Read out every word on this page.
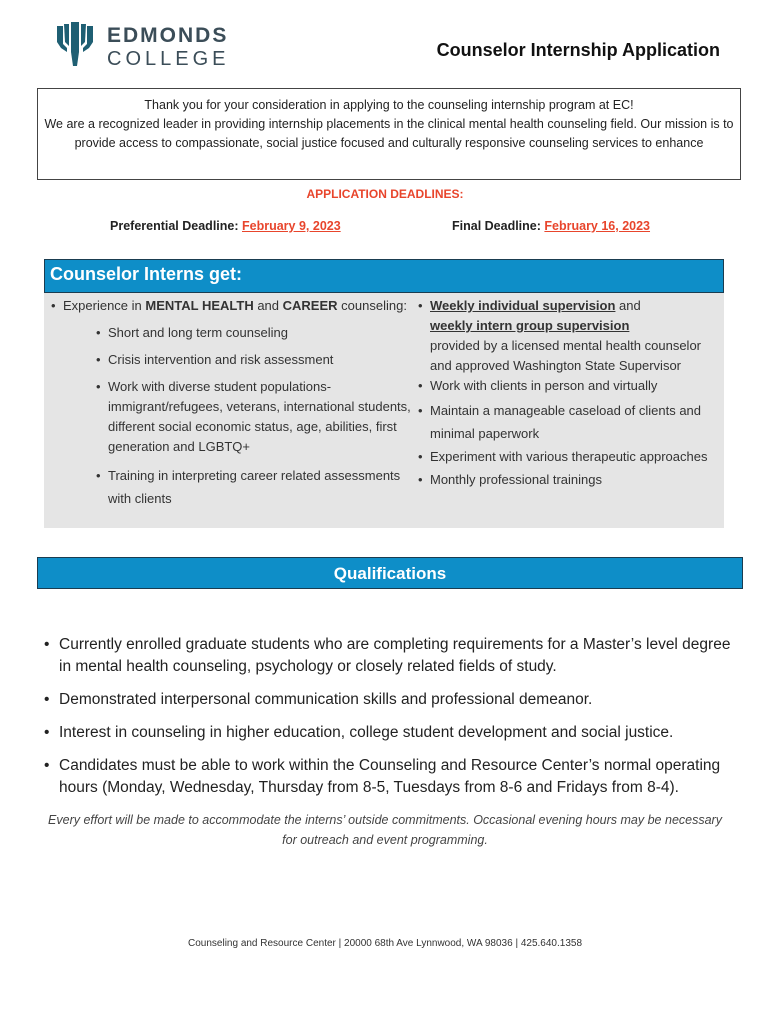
EDMONDS
COLLEGE	Counselor Internship Application

Thank you for your consideration in applying to the counseling internship program at EC!

We are a recognized leader in providing internship placements in the clinical mental health counseling field. Our mission is to provide access to compassionate, social justice focused and culturally responsive counseling services to enhance

APPLICATION DEADLINES:
Preferential Deadline: February 9, 2023	Final Deadline: February 16, 2023
Counselor Interns get:
• Experience in MENTAL HEALTH and CAREER counseling:
• Short and long term counseling
• Crisis intervention and risk assessment
• Work with diverse student populations- immigrant/refugees, veterans, international students, different social economic status, age, abilities, first generation and LGBTQ+
• Training in interpreting career related assessments with clients
• Weekly individual supervision and
weekly intern group supervision
provided by a licensed mental health counselor and approved Washington State Supervisor
• Work with clients in person and virtually
• Maintain a manageable caseload of clients and minimal paperwork
• Experiment with various therapeutic approaches
• Monthly professional trainings
Qualifications
• Currently enrolled graduate students who are completing requirements for a Master’s level degree in mental health counseling, psychology or closely related fields of study.
• Demonstrated interpersonal communication skills and professional demeanor.
• Interest in counseling in higher education, college student development and social justice.
• Candidates must be able to work within the Counseling and Resource Center’s normal operating hours (Monday, Wednesday, Thursday from 8-5, Tuesdays from 8-6 and Fridays from 8-4).
Every effort will be made to accommodate the interns’ outside commitments. Occasional evening hours may be necessary for outreach and event programming.
Counseling and Resource Center | 20000 68th Ave Lynnwood, WA 98036 | 425.640.1358
